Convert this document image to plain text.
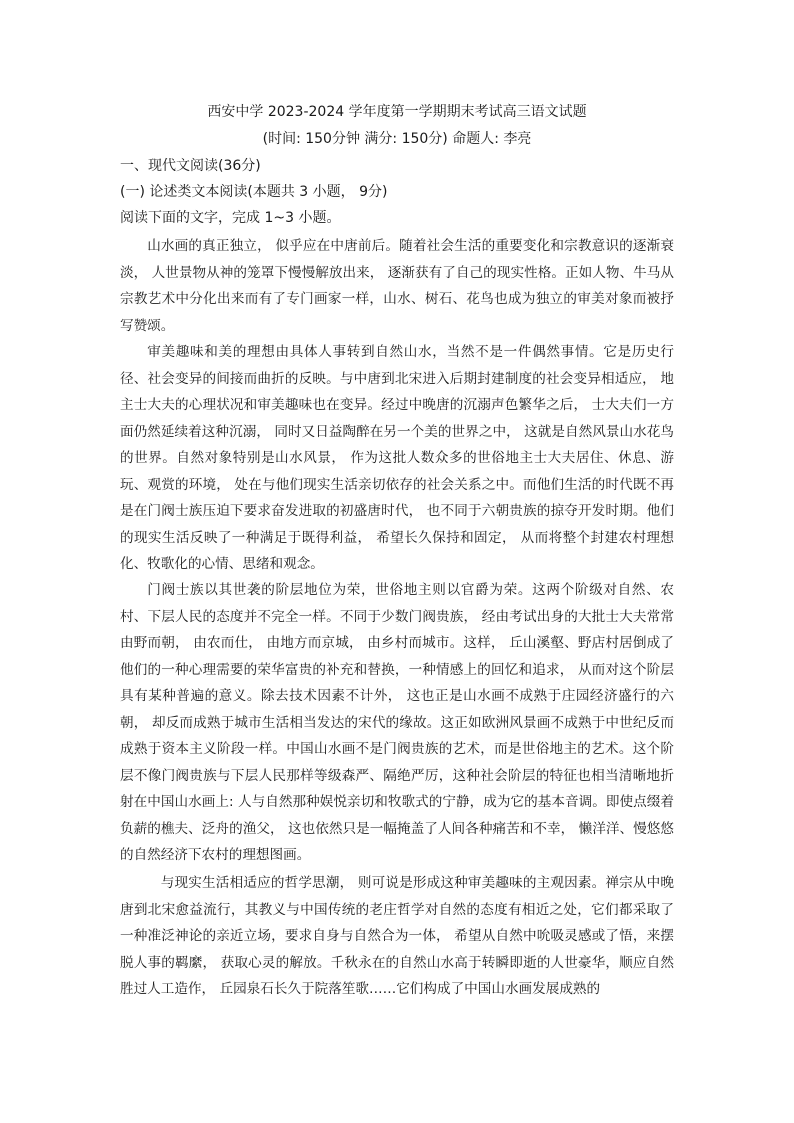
西安中学 2023-2024 学年度第一学期期末考试高三语文试题
(时间: 150分钟 满分: 150分) 命题人: 李亮
一、现代文阅读(36分)
(一) 论述类文本阅读(本题共 3 小题， 9分)
阅读下面的文字，完成 1~3 小题。

山水画的真正独立， 似乎应在中唐前后。随着社会生活的重要变化和宗教意识的逐渐衰淡， 人世景物从神的笼罩下慢慢解放出来， 逐渐获有了自己的现实性格。正如人物、牛马从宗教艺术中分化出来而有了专门画家一样，山水、树石、花鸟也成为独立的审美对象而被抒写赞颂。

审美趣味和美的理想由具体人事转到自然山水，当然不是一件偶然事情。它是历史行径、社会变异的间接而曲折的反映。与中唐到北宋进入后期封建制度的社会变异相适应， 地主士大夫的心理状况和审美趣味也在变异。经过中晚唐的沉溺声色繁华之后， 士大夫们一方面仍然延续着这种沉溺， 同时又日益陶醉在另一个美的世界之中， 这就是自然风景山水花鸟的世界。自然对象特别是山水风景， 作为这批人数众多的世俗地主士大夫居住、休息、游玩、观赏的环境， 处在与他们现实生活亲切依存的社会关系之中。而他们生活的时代既不再是在门阀士族压迫下要求奋发进取的初盛唐时代， 也不同于六朝贵族的掠夺开发时期。他们的现实生活反映了一种满足于既得利益， 希望长久保持和固定， 从而将整个封建农村理想化、牧歌化的心情、思绪和观念。

门阀士族以其世袭的阶层地位为荣，世俗地主则以官爵为荣。这两个阶级对自然、农村、下层人民的态度并不完全一样。不同于少数门阀贵族， 经由考试出身的大批士大夫常常由野而朝， 由农而仕， 由地方而京城， 由乡村而城市。这样， 丘山溪壑、野店村居倒成了他们的一种心理需要的荣华富贵的补充和替换，一种情感上的回忆和追求， 从而对这个阶层具有某种普遍的意义。除去技术因素不计外， 这也正是山水画不成熟于庄园经济盛行的六朝， 却反而成熟于城市生活相当发达的宋代的缘故。这正如欧洲风景画不成熟于中世纪反而成熟于资本主义阶段一样。中国山水画不是门阀贵族的艺术，而是世俗地主的艺术。这个阶层不像门阀贵族与下层人民那样等级森严、隔绝严厉，这种社会阶层的特征也相当清晰地折射在中国山水画上: 人与自然那种娱悦亲切和牧歌式的宁静，成为它的基本音调。即使点缀着负薪的樵夫、泛舟的渔父， 这也依然只是一幅掩盖了人间各种痛苦和不幸， 懒洋洋、慢悠悠的自然经济下农村的理想图画。

与现实生活相适应的哲学思潮， 则可说是形成这种审美趣味的主观因素。禅宗从中晚唐到北宋愈益流行，其教义与中国传统的老庄哲学对自然的态度有相近之处，它们都采取了一种准泛神论的亲近立场，要求自身与自然合为一体， 希望从自然中吮吸灵感或了悟，来摆脱人事的羁縻， 获取心灵的解放。千秋永在的自然山水高于转瞬即逝的人世豪华，顺应自然胜过人工造作， 丘园泉石长久于院落笙歌……它们构成了中国山水画发展成熟的
